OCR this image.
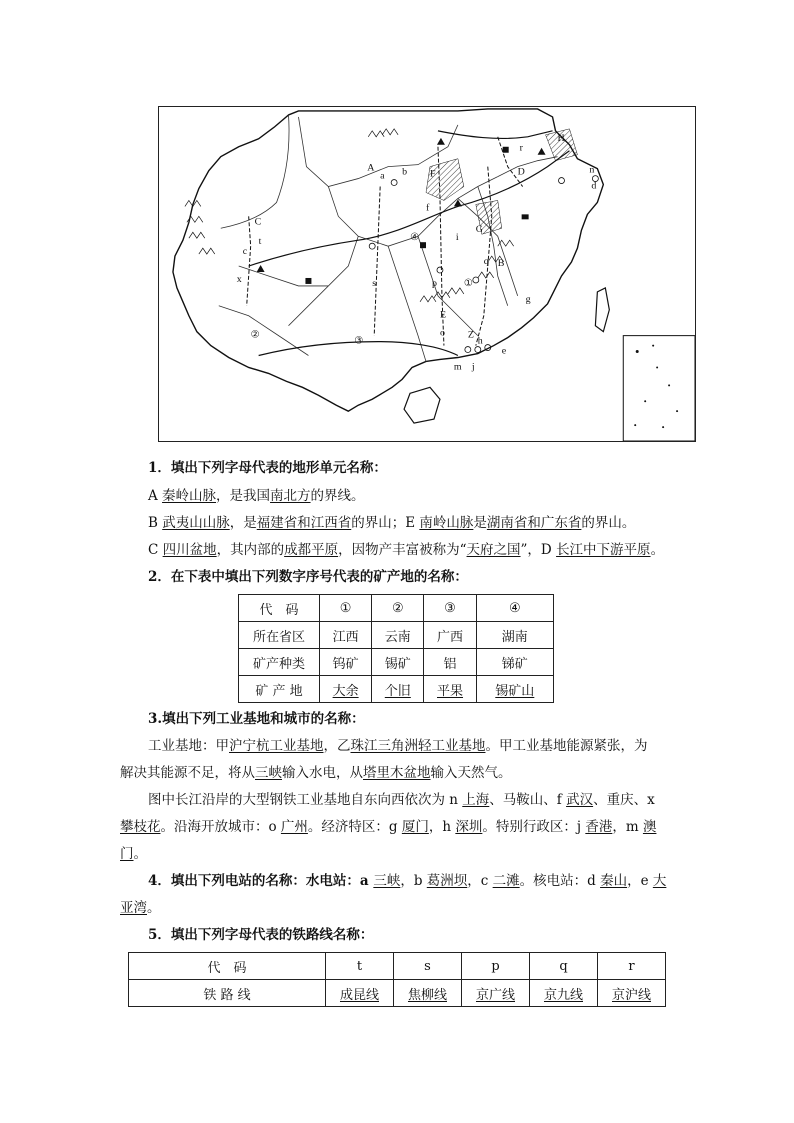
A
B
C
D
E
F
G
H
a b
c
d
e
f
g
h
i
j
m
n
o
p
q
r
s
t
x
Z
①
②
③
④
1．填出下列字母代表的地形单元名称：
A 秦岭山脉，是我国南北方的界线。
B 武夷山山脉，是福建省和江西省的界山；E 南岭山脉是湖南省和广东省的界山。
C 四川盆地，其内部的成都平原，因物产丰富被称为“天府之国”，D 长江中下游平原。
2．在下表中填出下列数字序号代表的矿产地的名称：
代　码	①	②	③	④
所在省区	江西	云南	广西	湖南
矿产种类	钨矿	锡矿	铝	锑矿
矿 产 地	大余	个旧	平果	锡矿山
3.填出下列工业基地和城市的名称：
工业基地：甲沪宁杭工业基地，乙珠江三角洲轻工业基地。甲工业基地能源紧张，为
解决其能源不足，将从三峡输入水电，从塔里木盆地输入天然气。
图中长江沿岸的大型钢铁工业基地自东向西依次为 n 上海、马鞍山、f 武汉、重庆、x
攀枝花。沿海开放城市：o 广州。经济特区：g 厦门，h 深圳。特别行政区：j 香港，m 澳
门。
4．填出下列电站的名称：水电站：a 三峡，b 葛洲坝，c 二滩。核电站：d 秦山，e 大
亚湾。
5．填出下列字母代表的铁路线名称：
代　码	t	s	p	q	r
铁 路 线	成昆线	焦柳线	京广线	京九线	京沪线
